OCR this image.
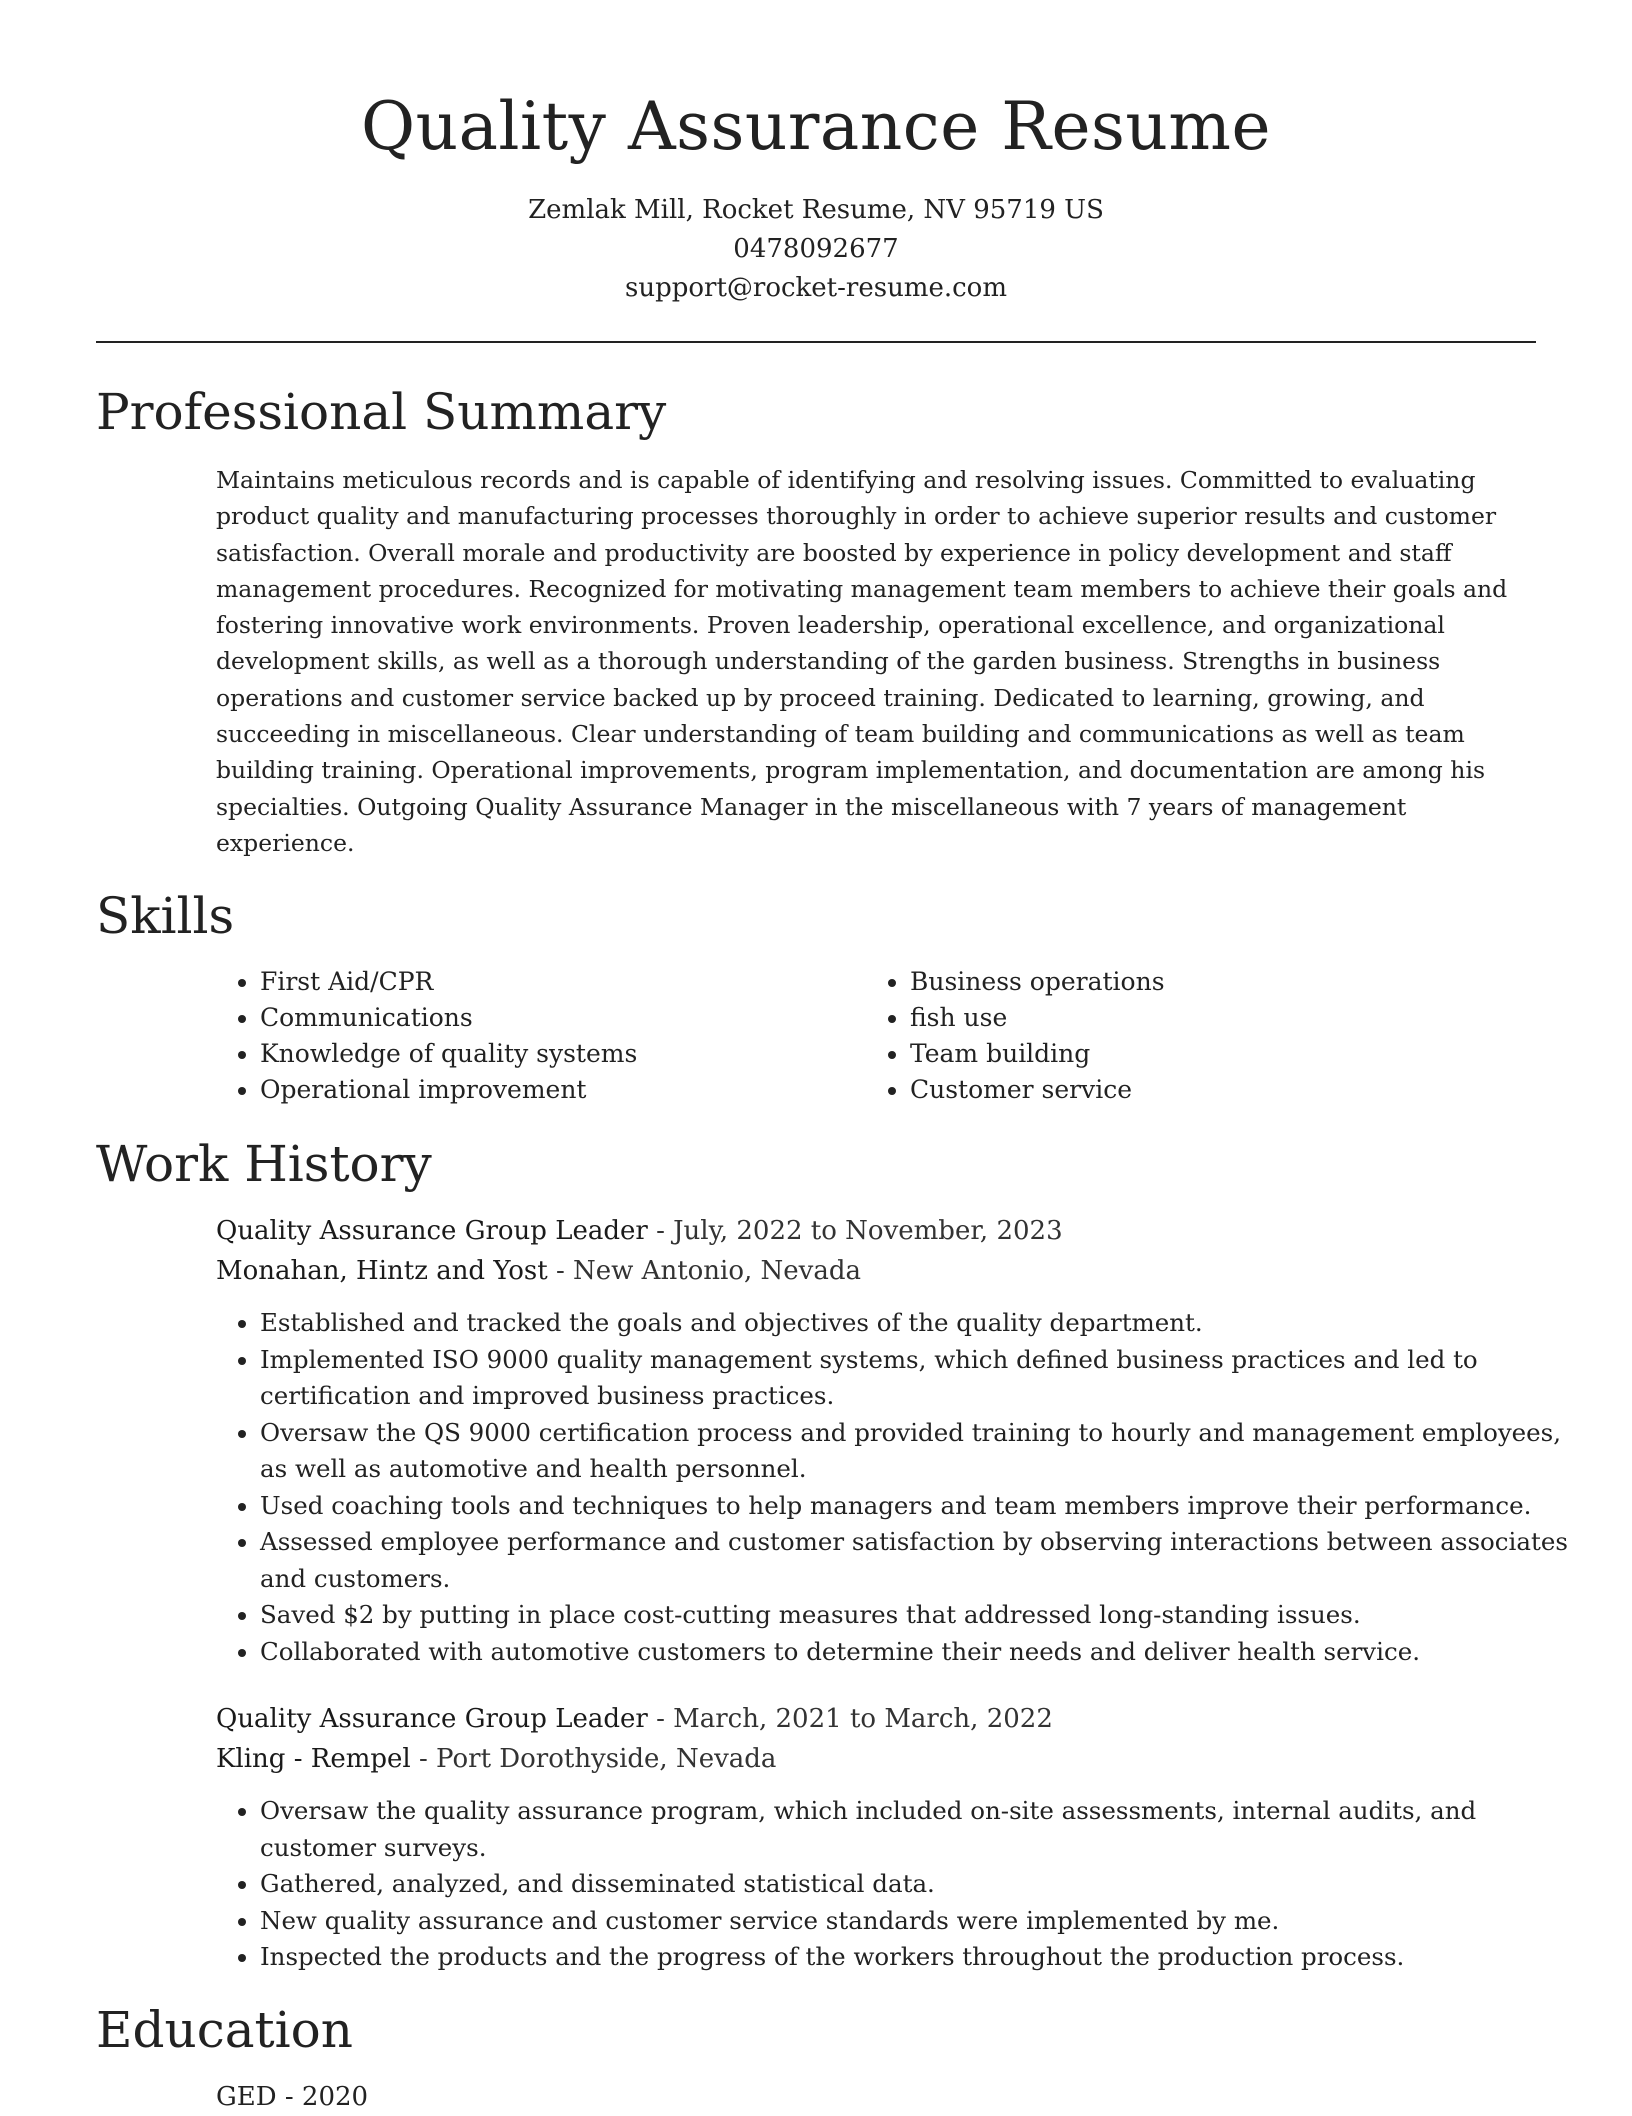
Quality Assurance Resume
Zemlak Mill, Rocket Resume, NV 95719 US
0478092677
support@rocket-resume.com
Professional Summary

Maintains meticulous records and is capable of identifying and resolving issues. Committed to evaluating product quality and manufacturing processes thoroughly in order to achieve superior results and customer satisfaction. Overall morale and productivity are boosted by experience in policy development and staff management procedures. Recognized for motivating management team members to achieve their goals and fostering innovative work environments. Proven leadership, operational excellence, and organizational development skills, as well as a thorough understanding of the garden business. Strengths in business operations and customer service backed up by proceed training. Dedicated to learning, growing, and succeeding in miscellaneous. Clear understanding of team building and communications as well as team building training. Operational improvements, program implementation, and documentation are among his specialties. Outgoing Quality Assurance Manager in the miscellaneous with 7 years of management experience.

Skills
• First Aid/CPR
• Communications
• Knowledge of quality systems
• Operational improvement
• Business operations
• fish use
• Team building
• Customer service
Work History
Quality Assurance Group Leader - July, 2022 to November, 2023
Monahan, Hintz and Yost - New Antonio, Nevada
• Established and tracked the goals and objectives of the quality department.
• Implemented ISO 9000 quality management systems, which defined business practices and led to certification and improved business practices.
• Oversaw the QS 9000 certification process and provided training to hourly and management employees, as well as automotive and health personnel.
• Used coaching tools and techniques to help managers and team members improve their performance.
• Assessed employee performance and customer satisfaction by observing interactions between associates and customers.
• Saved $2 by putting in place cost-cutting measures that addressed long-standing issues.
• Collaborated with automotive customers to determine their needs and deliver health service.
Quality Assurance Group Leader - March, 2021 to March, 2022
Kling - Rempel - Port Dorothyside, Nevada
• Oversaw the quality assurance program, which included on-site assessments, internal audits, and customer surveys.
• Gathered, analyzed, and disseminated statistical data.
• New quality assurance and customer service standards were implemented by me.
• Inspected the products and the progress of the workers throughout the production process.
Education
GED - 2020
